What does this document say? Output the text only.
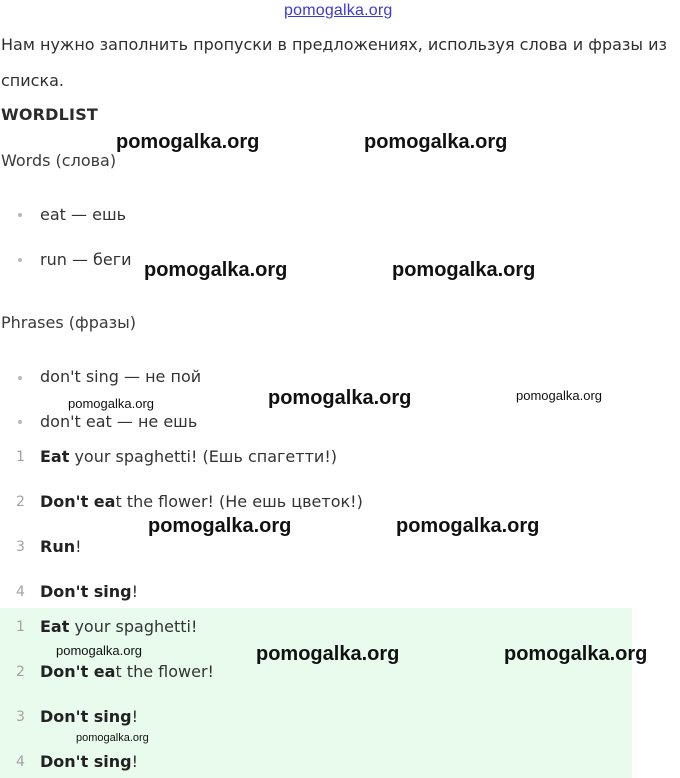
pomogalka.org
Нам нужно заполнить пропуски в предложениях, используя слова и фразы из
списка.
WORDLIST
Words (слова)
eat — ешь
run — беги
Phrases (фразы)
don't sing — не пой
don't eat — не ешь
1 Eat your spaghetti! (Ешь спагетти!)
2 Don't eat the flower! (Не ешь цветок!)
3 Run!
4 Don't sing!
1 Eat your spaghetti!
2 Don't eat the flower!
3 Don't sing!
4 Don't sing!
pomogalka.org	pomogalka.org
pomogalka.org	pomogalka.org
pomogalka.org	pomogalka.org	pomogalka.org
pomogalka.org	pomogalka.org
pomogalka.org	pomogalka.org	pomogalka.org
pomogalka.org
